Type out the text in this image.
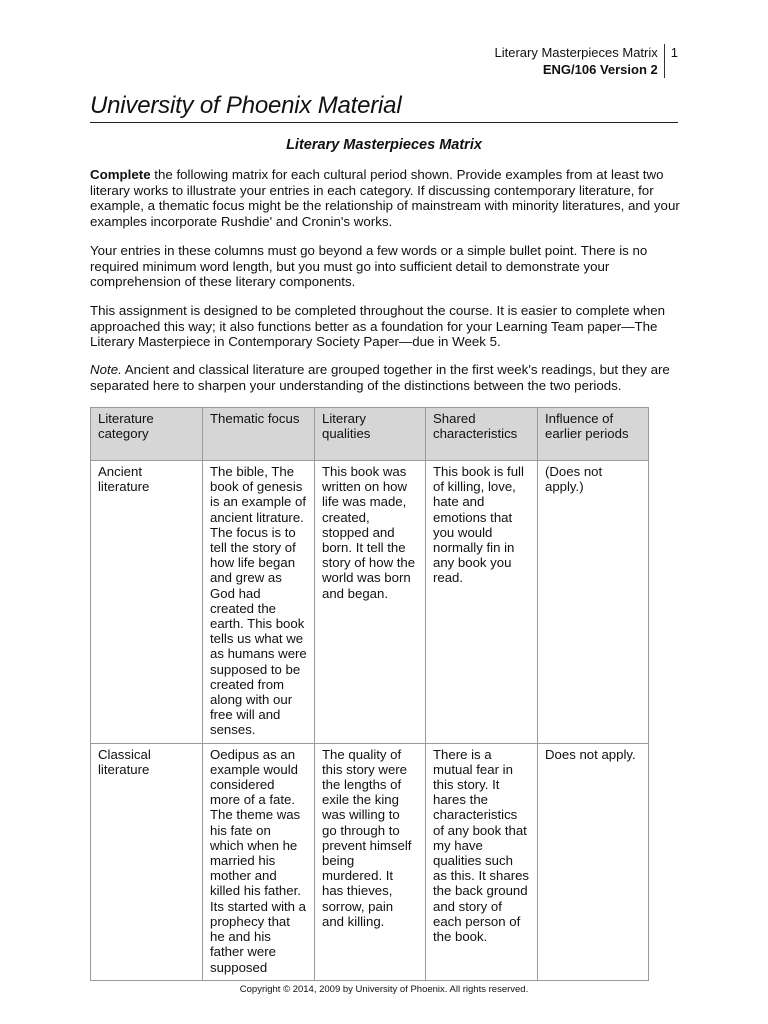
Literary Masterpieces Matrix
ENG/106 Version 2
1
University of Phoenix Material
Literary Masterpieces Matrix
Complete the following matrix for each cultural period shown. Provide examples from at least two literary works to illustrate your entries in each category. If discussing contemporary literature, for example, a thematic focus might be the relationship of mainstream with minority literatures, and your examples incorporate Rushdie' and Cronin's works.
Your entries in these columns must go beyond a few words or a simple bullet point. There is no required minimum word length, but you must go into sufficient detail to demonstrate your comprehension of these literary components.
This assignment is designed to be completed throughout the course. It is easier to complete when approached this way; it also functions better as a foundation for your Learning Team paper—The Literary Masterpiece in Contemporary Society Paper—due in Week 5.
Note. Ancient and classical literature are grouped together in the first week's readings, but they are separated here to sharpen your understanding of the distinctions between the two periods.
Literature category	Thematic focus	Literary qualities	Shared characteristics	Influence of earlier periods
Ancient literature	The bible, The book of genesis is an example of ancient litrature. The focus is to tell the story of how life began and grew as God had created the earth. This book tells us what we as humans were supposed to be created from along with our free will and senses.	This book was written on how life was made, created, stopped and born. It tell the story of how the world was born and began.	This book is full of killing, love, hate and emotions that you would normally fin in any book you read.	(Does not apply.)
Classical literature	Oedipus as an example would considered more of a fate. The theme was his fate on which when he married his mother and killed his father. Its started with a prophecy that he and his father were supposed	The quality of this story were the lengths of exile the king was willing to go through to prevent himself being murdered. It has thieves, sorrow, pain and killing.	There is a mutual fear in this story. It hares the characteristics of any book that my have qualities such as this. It shares the back ground and story of each person of the book.	Does not apply.
Copyright © 2014, 2009 by University of Phoenix. All rights reserved.
